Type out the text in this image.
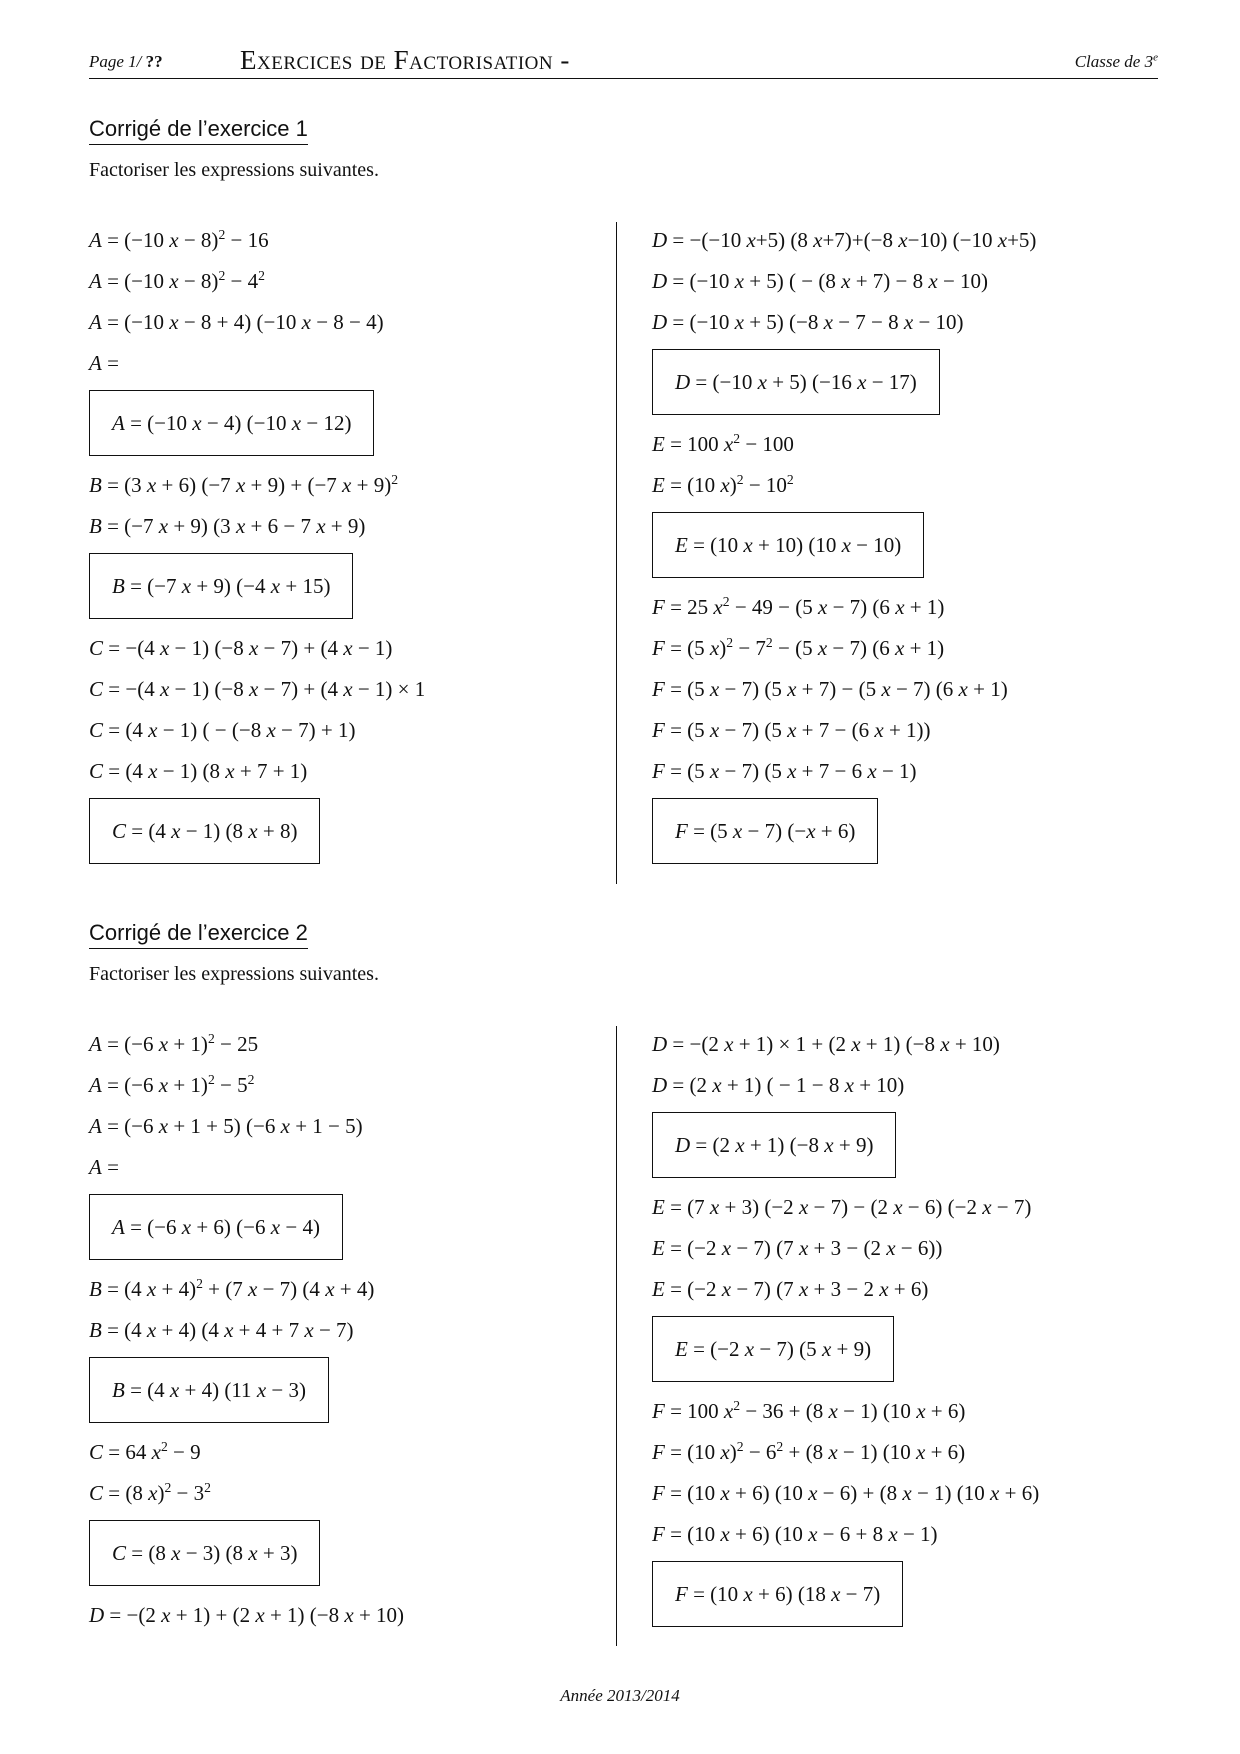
Page 1/ ??	Exercices de Factorisation -	Classe de 3e
Corrigé de l’exercice 1
Factoriser les expressions suivantes.
A = (−10 x − 8)$^2$ − 16
A = (−10 $x - 8)^2 - 4^2$
A = (−10 x − 8 + 4) (−10 x − 8 − 4)
A =
A = (−10 x − 4) (−10 x − 12)
B = (3 x + 6) (−7 x + 9) + (−7 x + 9)$^2$
B = (−7 x + 9) (3 x + 6 − 7 x + 9)
B = (−7 x + 9) (−4 x + 15)
C = −(4 x − 1) (−8 x − 7) + (4 x − 1)
C = −(4 x − 1) (−8 x − 7) + (4 x − 1) × 1
C = (4 x − 1) ( − (−8 x − 7) + 1)
C = (4 x − 1) (8 x + 7 + 1)
C = (4 x − 1) (8 x + 8)
D = −(−10 x+5) (8 x+7)+(−8 x−10) (−10 x+5)
D = (−10 x + 5) ( − (8 x + 7) − 8 x − 10)
D = (−10 x + 5) (−8 x − 7 − 8 x − 10)
D = (−10 x + 5) (−16 x − 17)
E = 100 $x^2 - 100$
E = (10 $x)^2 - 10^2$
E = (10 x + 10) (10 x − 10)
F = 25 $x^2 - 49 - (5$ x − 7) (6 x + 1)
F = (5 $x)^2 - 7^2 - (5$ x − 7) (6 x + 1)
F = (5 x − 7) (5 x + 7) − (5 x − 7) (6 x + 1)
F = (5 x − 7) (5 x + 7 − (6 x + 1))
F = (5 x − 7) (5 x + 7 − 6 x − 1)
F = (5 x − 7) (−x + 6)
Corrigé de l’exercice 2
Factoriser les expressions suivantes.
A = (−6 x + 1)$^2$ − 25
A = (−6 $x + 1)^2 - 5^2$
A = (−6 x + 1 + 5) (−6 x + 1 − 5)
A =
A = (−6 x + 6) (−6 x − 4)
B = (4 x + 4)$^2$ + (7 x − 7) (4 x + 4)
B = (4 x + 4) (4 x + 4 + 7 x − 7)
B = (4 x + 4) (11 x − 3)
C = 64 $x^2 - 9$
C = (8 $x)^2 - 3^2$
C = (8 x − 3) (8 x + 3)
D = −(2 x + 1) + (2 x + 1) (−8 x + 10)
D = −(2 x + 1) × 1 + (2 x + 1) (−8 x + 10)
D = (2 x + 1) ( − 1 − 8 x + 10)
D = (2 x + 1) (−8 x + 9)
E = (7 x + 3) (−2 x − 7) − (2 x − 6) (−2 x − 7)
E = (−2 x − 7) (7 x + 3 − (2 x − 6))
E = (−2 x − 7) (7 x + 3 − 2 x + 6)
E = (−2 x − 7) (5 x + 9)
F = 100 $x^2 - 36 + (8$ x − 1) (10 x + 6)
F = (10 $x)^2 - 6^2 + (8$ x − 1) (10 x + 6)
F = (10 x + 6) (10 x − 6) + (8 x − 1) (10 x + 6)
F = (10 x + 6) (10 x − 6 + 8 x − 1)
F = (10 x + 6) (18 x − 7)
Année 2013/2014
